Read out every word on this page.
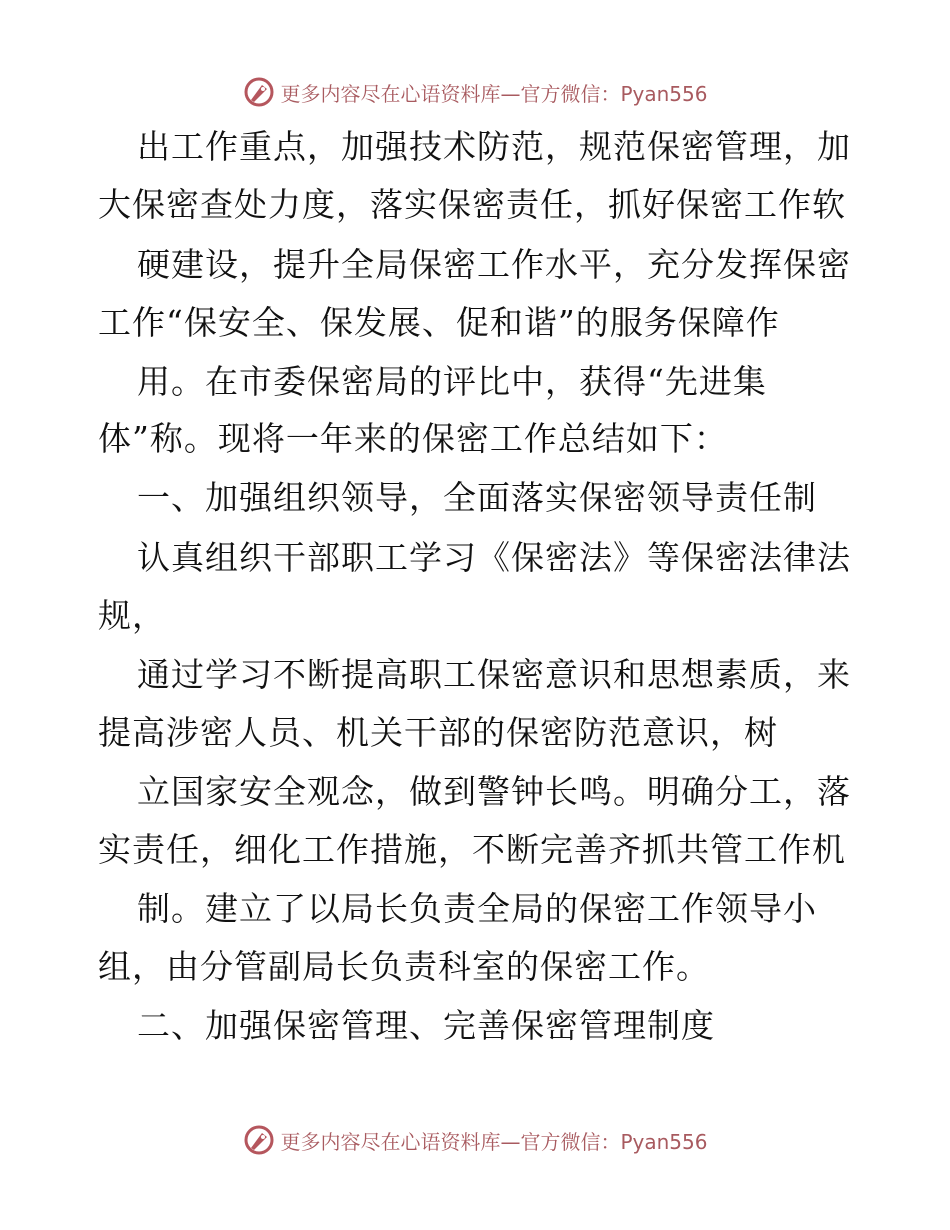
更多内容尽在心语资料库—官方微信：Pyan556
出工作重点，加强技术防范，规范保密管理，加
大保密查处力度，落实保密责任，抓好保密工作软
硬建设，提升全局保密工作水平，充分发挥保密
工作“保安全、保发展、促和谐”的服务保障作
用。在市委保密局的评比中，获得“先进集
体”称。现将一年来的保密工作总结如下：
一、加强组织领导，全面落实保密领导责任制
认真组织干部职工学习《保密法》等保密法律法
规，
通过学习不断提高职工保密意识和思想素质，来
提高涉密人员、机关干部的保密防范意识，树
立国家安全观念，做到警钟长鸣。明确分工，落
实责任，细化工作措施，不断完善齐抓共管工作机
制。建立了以局长负责全局的保密工作领导小
组，由分管副局长负责科室的保密工作。
二、加强保密管理、完善保密管理制度
更多内容尽在心语资料库—官方微信：Pyan556
